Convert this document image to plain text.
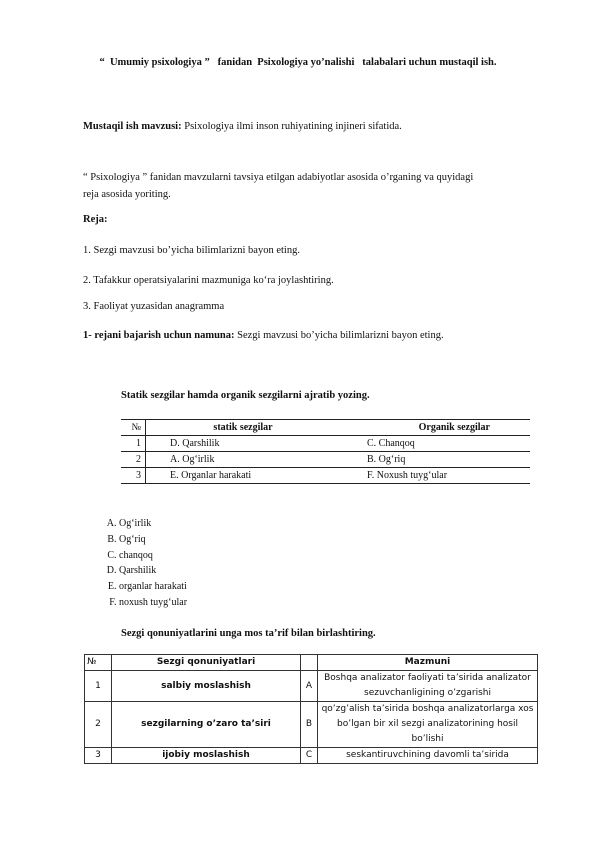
“  Umumiy psixologiya ”   fanidan  Psixologiya yo’nalishi   talabalari uchun mustaqil ish.
Mustaqil ish mavzusi: Psixologiya ilmi inson ruhiyatining injineri sifatida.
“ Psixologiya ” fanidan mavzularni tavsiya etilgan adabiyotlar asosida o’rganing va quyidagi
reja asosida yoriting.
Reja:
1. Sezgi mavzusi bo’yicha bilimlarizni bayon eting.
2. Tafakkur operatsiyalarini mazmuniga ko‘ra joylashtiring.
3. Faoliyat yuzasidan anagramma
1- rejani bajarish uchun namuna: Sezgi mavzusi bo’yicha bilimlarizni bayon eting.
Statik sezgilar hamda organik sezgilarni ajratib yozing.
№	statik sezgilar	Organik sezgilar
1	D. Qarshilik	C. Chanqoq
2	A. Og‘irlik	B. Og‘riq
3	E. Organlar harakati	F. Noxush tuyg‘ular
A. Og‘irlik
B. Og‘riq
C. chanqoq
D. Qarshilik
E. organlar harakati
F. noxush tuyg‘ular
Sezgi qonuniyatlarini unga mos ta’rif bilan birlashtiring.
№	Sezgi qonuniyatlari		Mazmuni
1	salbiy moslashish	A	Boshqa analizator faoliyati ta’sirida analizator sezuvchanligining o’zgarishi
2	sezgilarning o’zaro ta’siri	B	qo’zg’alish ta’sirida boshqa analizatorlarga xos bo’lgan bir xil sezgi analizatorining hosil bo’lishi
3	ijobiy moslashish	C	seskantiruvchining davomli ta’sirida
